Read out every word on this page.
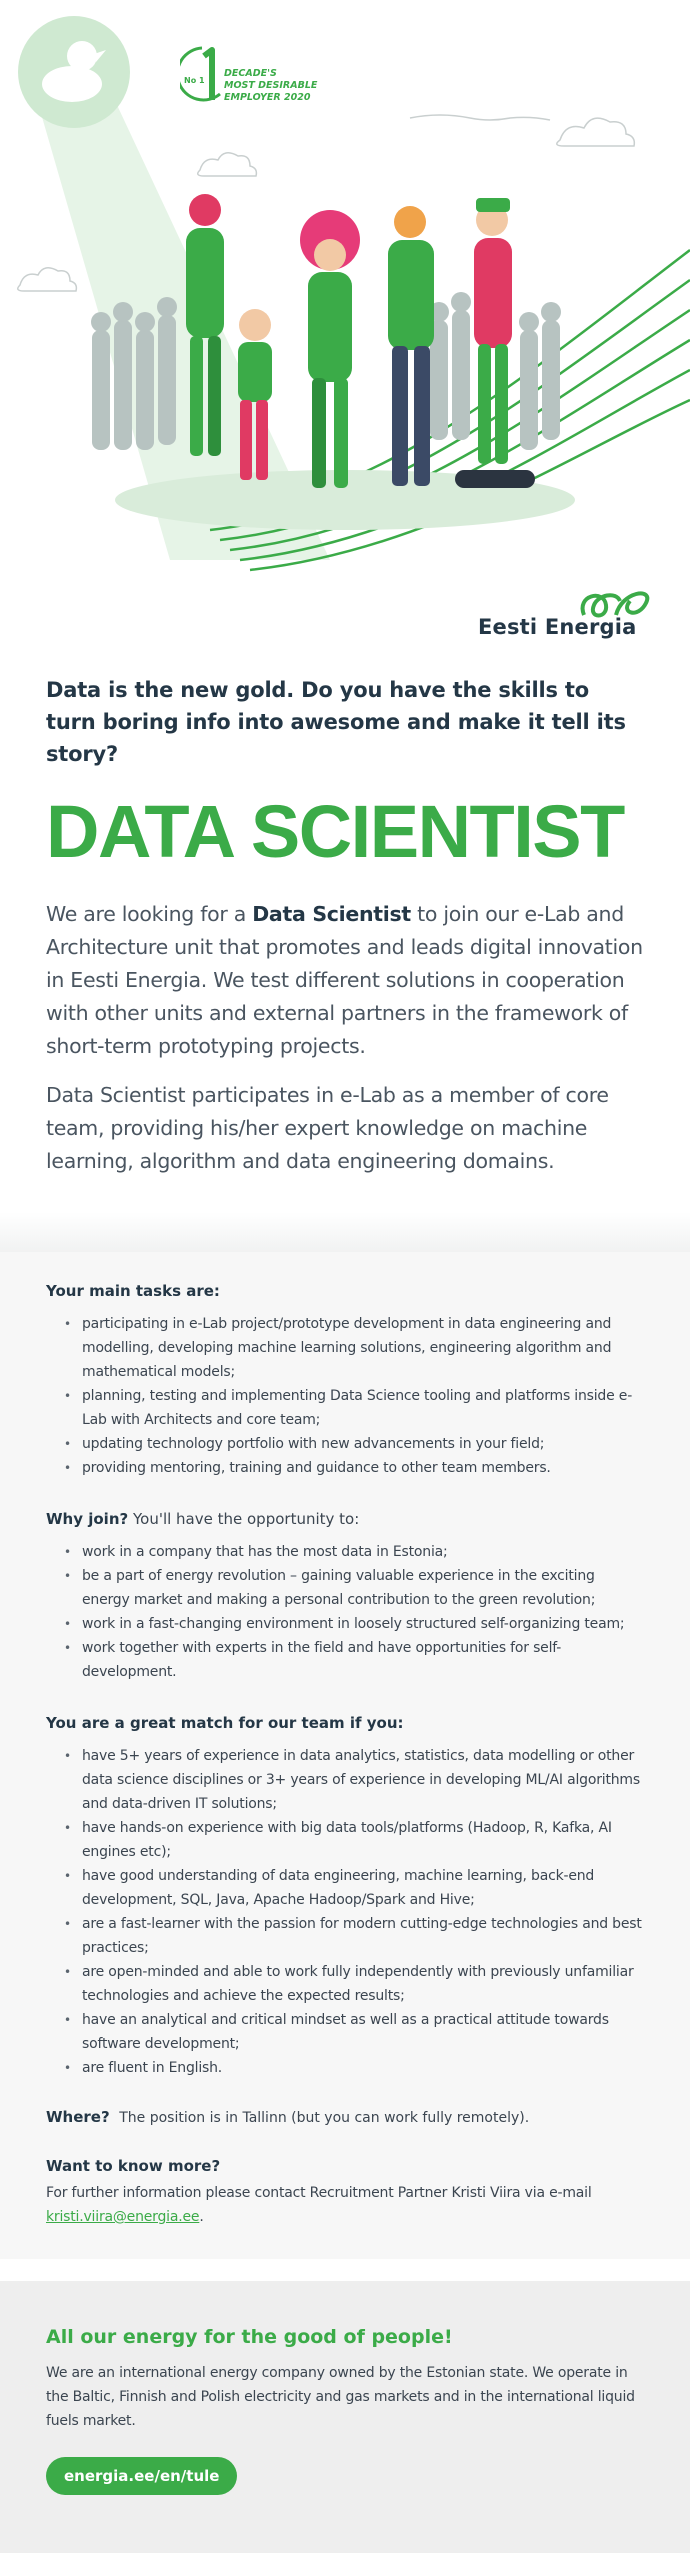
No 1
DECADE'S
MOST DESIRABLE
EMPLOYER 2020
Eesti Energia

Data is the new gold. Do you have the skills to turn boring info into awesome and make it tell its story?

DATA SCIENTIST

We are looking for a Data Scientist to join our e-Lab and Architecture unit that promotes and leads digital innovation in Eesti Energia. We test different solutions in cooperation with other units and external partners in the framework of short-term prototyping projects.

Data Scientist participates in e-Lab as a member of core team, providing his/her expert knowledge on machine learning, algorithm and data engineering domains.

Your main tasks are:
• participating in e-Lab project/prototype development in data engineering and modelling, developing machine learning solutions, engineering algorithm and mathematical models;
• planning, testing and implementing Data Science tooling and platforms inside e-Lab with Architects and core team;
• updating technology portfolio with new advancements in your field;
• providing mentoring, training and guidance to other team members.
Why join? You'll have the opportunity to:
• work in a company that has the most data in Estonia;
• be a part of energy revolution – gaining valuable experience in the exciting energy market and making a personal contribution to the green revolution;
• work in a fast-changing environment in loosely structured self-organizing team;
• work together with experts in the field and have opportunities for self-development.
You are a great match for our team if you:
• have 5+ years of experience in data analytics, statistics, data modelling or other data science disciplines or 3+ years of experience in developing ML/AI algorithms and data-driven IT solutions;
• have hands-on experience with big data tools/platforms (Hadoop, R, Kafka, AI engines etc);
• have good understanding of data engineering, machine learning, back-end development, SQL, Java, Apache Hadoop/Spark and Hive;
• are a fast-learner with the passion for modern cutting-edge technologies and best practices;
• are open-minded and able to work fully independently with previously unfamiliar technologies and achieve the expected results;
• have an analytical and critical mindset as well as a practical attitude towards software development;
• are fluent in English.
Where? The position is in Tallinn (but you can work fully remotely).
Want to know more?
For further information please contact Recruitment Partner Kristi Viira via e-mail
kristi.viira@energia.ee.
All our energy for the good of people!

We are an international energy company owned by the Estonian state. We operate in the Baltic, Finnish and Polish electricity and gas markets and in the international liquid fuels market.

energia.ee/en/tule
